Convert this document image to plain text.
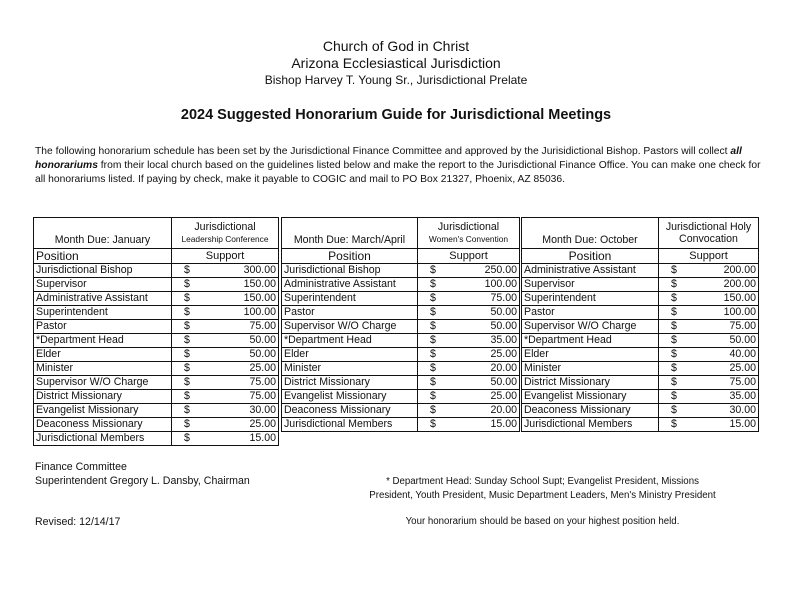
Church of God in Christ
Arizona Ecclesiastical Jurisdiction
Bishop Harvey T. Young Sr., Jurisdictional Prelate
2024 Suggested Honorarium Guide for Jurisdictional Meetings
The following honorarium schedule has been set by the Jurisdictional Finance Committee and approved by the Jurisidictional Bishop. Pastors will collect all honorariums from their local church based on the guidelines listed below and make the report to the Jurisdictional Finance Office. You can make one check for all honorariums listed. If paying by check, make it payable to COGIC and mail to PO Box 21327, Phoenix, AZ 85036.
Month Due: January	Jurisdictional
Leadership Conference

Position	Support
Jurisdictional Bishop	$ 300.00

Supervisor	$ 150.00

Administrative Assistant	$ 150.00

Superintendent	$ 100.00

Pastor	$ 75.00

*Department Head	$ 50.00

Elder	$ 50.00

Minister	$ 25.00

Supervisor W/O Charge	$ 75.00

District Missionary	$ 75.00

Evangelist Missionary	$ 30.00

Deaconess Missionary	$ 25.00

Jurisdictional Members	$ 15.00
Month Due: March/April	Jurisdictional
Women's Convention

Position	Support
Jurisdictional Bishop	$ 250.00

Administrative Assistant	$ 100.00

Superintendent	$ 75.00

Pastor	$ 50.00

Supervisor W/O Charge	$ 50.00

*Department Head	$ 35.00

Elder	$ 25.00

Minister	$ 20.00

District Missionary	$ 50.00

Evangelist Missionary	$ 25.00

Deaconess Missionary	$ 20.00

Jurisdictional Members	$ 15.00
Month Due: October	Jurisdictional Holy
Convocation

Position	Support
Administrative Assistant	$ 200.00

Supervisor	$ 200.00

Superintendent	$ 150.00

Pastor	$ 100.00

Supervisor W/O Charge	$ 75.00

*Department Head	$ 50.00

Elder	$ 40.00

Minister	$ 25.00

District Missionary	$ 75.00

Evangelist Missionary	$ 35.00

Deaconess Missionary	$ 30.00

Jurisdictional Members	$ 15.00
Finance Committee
Superintendent Gregory L. Dansby, Chairman
Revised: 12/14/17
* Department Head: Sunday School Supt; Evangelist President, Missions
President, Youth President, Music Department Leaders, Men's Ministry President
Your honorarium should be based on your highest position held.
